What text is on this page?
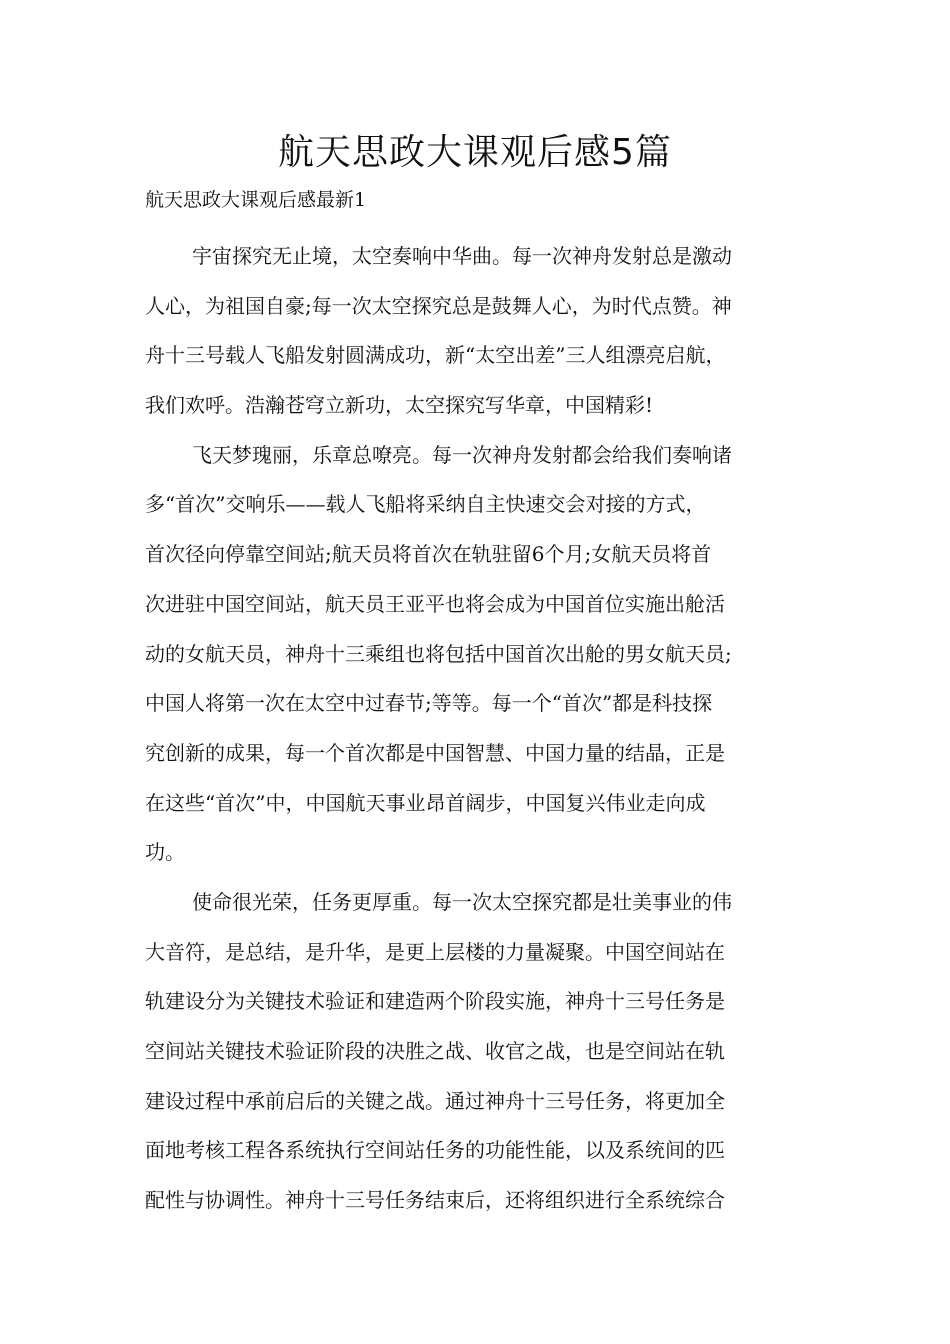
航天思政大课观后感5篇
航天思政大课观后感最新1
宇宙探究无止境，太空奏响中华曲。每一次神舟发射总是激动
人心，为祖国自豪;每一次太空探究总是鼓舞人心，为时代点赞。神
舟十三号载人飞船发射圆满成功，新“太空出差”三人组漂亮启航，
我们欢呼。浩瀚苍穹立新功，太空探究写华章，中国精彩!
飞天梦瑰丽，乐章总嘹亮。每一次神舟发射都会给我们奏响诸
多“首次”交响乐——载人飞船将采纳自主快速交会对接的方式，
首次径向停靠空间站;航天员将首次在轨驻留6个月;女航天员将首
次进驻中国空间站，航天员王亚平也将会成为中国首位实施出舱活
动的女航天员，神舟十三乘组也将包括中国首次出舱的男女航天员;
中国人将第一次在太空中过春节;等等。每一个“首次”都是科技探
究创新的成果，每一个首次都是中国智慧、中国力量的结晶，正是
在这些“首次”中，中国航天事业昂首阔步，中国复兴伟业走向成
功。
使命很光荣，任务更厚重。每一次太空探究都是壮美事业的伟
大音符，是总结，是升华，是更上层楼的力量凝聚。中国空间站在
轨建设分为关键技术验证和建造两个阶段实施，神舟十三号任务是
空间站关键技术验证阶段的决胜之战、收官之战，也是空间站在轨
建设过程中承前启后的关键之战。通过神舟十三号任务，将更加全
面地考核工程各系统执行空间站任务的功能性能，以及系统间的匹
配性与协调性。神舟十三号任务结束后，还将组织进行全系统综合
